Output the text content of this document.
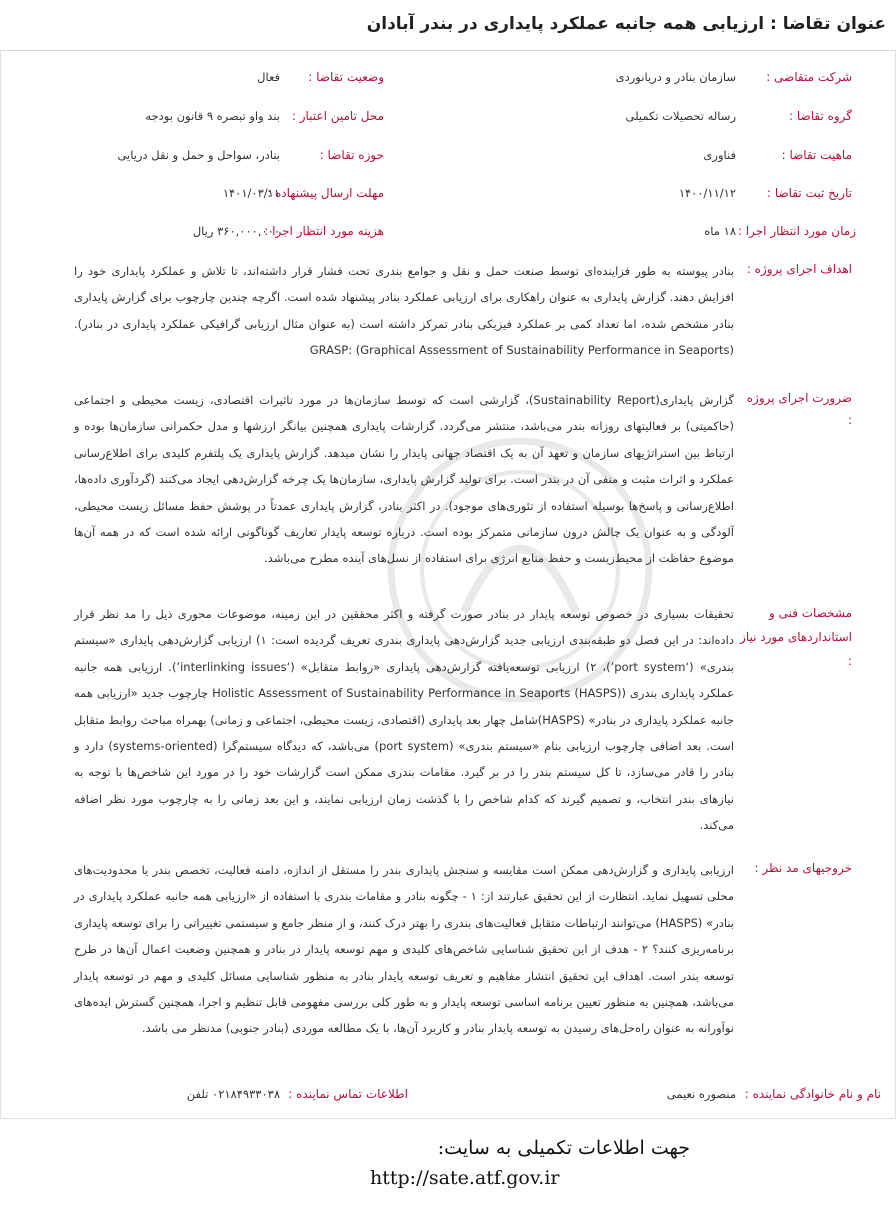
عنوان تقاضا : ارزیابی همه جانبه عملکرد پایداری در بندر آبادان
شرکت متقاضی :
سازمان بنادر و دریانوردی
وضعیت تقاضا :
فعال
گروه تقاضا :
رساله تحصیلات تکمیلی
محل تامین اعتبار :
بند واو تبصره ۹ قانون بودجه
ماهیت تقاضا :
فناوری
حوزه تقاضا :
بنادر، سواحل و حمل و نقل دریایی
تاریخ ثبت تقاضا :
۱۴۰۰/۱۱/۱۲
مهلت ارسال پیشنهاده :
۱۴۰۱/۰۳/۱۱
زمان مورد انتظار اجرا :
۱۸ ماه
هزینه مورد انتظار اجرا :
۳۶۰,۰۰۰,۰۰۰ ریال
اهداف اجرای پروژه :
بنادر پیوسته به طور فزاینده‌ای توسط صنعت حمل و نقل و جوامع بندری تحت فشار قرار داشته‌اند، تا تلاش و عملکرد پایداری خود را افزایش دهند. گزارش پایداری به عنوان راهکاری برای ارزیابی عملکرد بنادر پیشنهاد شده است. اگرچه چندین چارچوب برای گزارش پایداری بنادر مشخص شده، اما تعداد کمی بر عملکرد فیزیکی بنادر تمرکز داشته است (به عنوان مثال ارزیابی گرافیکی عملکرد پایداری در بنادر). GRASP: (Graphical Assessment of Sustainability Performance in Seaports)
ضرورت اجرای پروژه :
گزارش پایداری(Sustainability Report)، گزارشی است که توسط سازمان‌ها در مورد تاثیرات اقتصادی، زیست محیطی و اجتماعی (حاکمیتی) بر فعالیتهای روزانه بندر می‌باشد، منتشر می‌گردد. گزارشات پایداری همچنین بیانگر ارزشها و مدل حکمرانی سازمان‌ها بوده و ارتباط بین استراتژیهای سازمان و تعهد آن به یک اقتصاد جهانی پایدار را نشان میدهد. گزارش پایداری یک پلتفرم کلیدی برای اطلاع‌رسانی عملکرد و اثرات مثبت و منفی آن در بندر است. برای تولید گزارش پایداری، سازمان‌ها یک چرخه گزارش‌دهی ایجاد می‌کنند (گردآوری داده‌ها، اطلاع‌رسانی و پاسخ‌ها بوسیله استفاده از تئوری‌های موجود). در اکثر بنادر، گزارش پایداری عمدتاً در پوشش حفظ مسائل زیست محیطی، آلودگی و به عنوان یک چالش درون سازمانی متمرکز بوده است. درباره توسعه پایدار تعاریف گوناگونی ارائه شده است که در همه آن‌ها موضوع حفاظت از محیط‌زیست و حفظ منابع انرژی برای استفاده از نسل‌های آینده مطرح می‌باشد.
مشخصات فنی و استانداردهای مورد نیاز :
تحقیقات بسیاری در خصوص توسعه پایدار در بنادر صورت گرفته و اکثر محققین در این زمینه، موضوعات محوری ذیل را مد نظر قرار داده‌اند: در این فصل دو طبقه‌بندی ارزیابی جدید گزارش‌دهی پایداری بندری تعریف گردیده است: ۱) ارزیابی گزارش‌دهی پایداری «سیستم بندری» (‘port system’)، ۲) ارزیابی توسعه‌یافته گزارش‌دهی پایداری «روابط متقابل» (‘interlinking issues’). ارزیابی همه جانبه عملکرد پایداری بندری (Holistic Assessment of Sustainability Performance in Seaports (HASPS) چارچوب جدید «ارزیابی همه جانبه عملکرد پایداری در بنادر» (HASPS)شامل چهار بعد پایداری (اقتصادی، زیست محیطی، اجتماعی و زمانی) بهمراه مباحث روابط متقابل است. بعد اضافی چارچوب ارزیابی بنام «سیستم بندری» (port system) می‌باشد، که دیدگاه سیستم‌گرا (systems-oriented) دارد و بنادر را قادر می‌سازد، تا کل سیستم بندر را در بر گیرد. مقامات بندری ممکن است گزارشات خود را در مورد این شاخص‌ها با توجه به نیازهای بندر انتخاب، و تصمیم گیرند که کدام شاخص را با گذشت زمان ارزیابی نمایند، و این بعد زمانی را به چارچوب مورد نظر اضافه می‌کند.
خروجیهای مد نظر :
ارزیابی پایداری و گزارش‌دهی ممکن است مقایسه و سنجش پایداری بندر را مستقل از اندازه، دامنه فعالیت، تخصص بندر یا محدودیت‌های محلی تسهیل نماید. انتظارت از این تحقیق عبارتند از: ۱ - چگونه بنادر و مقامات بندری با استفاده از «ارزیابی همه جانبه عملکرد پایداری در بنادر» (HASPS) می‌توانند ارتباطات متقابل فعالیت‌های بندری را بهتر درک کنند، و از منظر جامع و سیستمی تغییراتی را برای توسعه پایداری برنامه‌ریزی کنند؟ ۲ - هدف از این تحقیق شناسایی شاخص‌های کلیدی و مهم توسعه پایدار در بنادر و همچنین وضعیت اعمال آن‌ها در طرح توسعه بندر است. اهداف این تحقیق انتشار مفاهیم و تعریف توسعه پایدار بنادر به منظور شناسایی مسائل کلیدی و مهم در توسعه پایدار می‌باشد، همچنین به منظور تعیین برنامه اساسی توسعه پایدار و به طور کلی بررسی مفهومی قابل تنظیم و اجرا، همچنین گسترش ایده‌های نوآورانه به عنوان راه‌حل‌های رسیدن به توسعه پایدار بنادر و کاربرد آن‌ها، با یک مطالعه موردی (بنادر جنوبی) مدنظر می باشد.
نام و نام خانوادگی نماینده :
منصوره نعیمی
اطلاعات تماس نماینده :
۰۲۱۸۴۹۳۳۰۳۸ تلفن
جهت اطلاعات تکمیلی به سایت:
http://sate.atf.gov.ir
